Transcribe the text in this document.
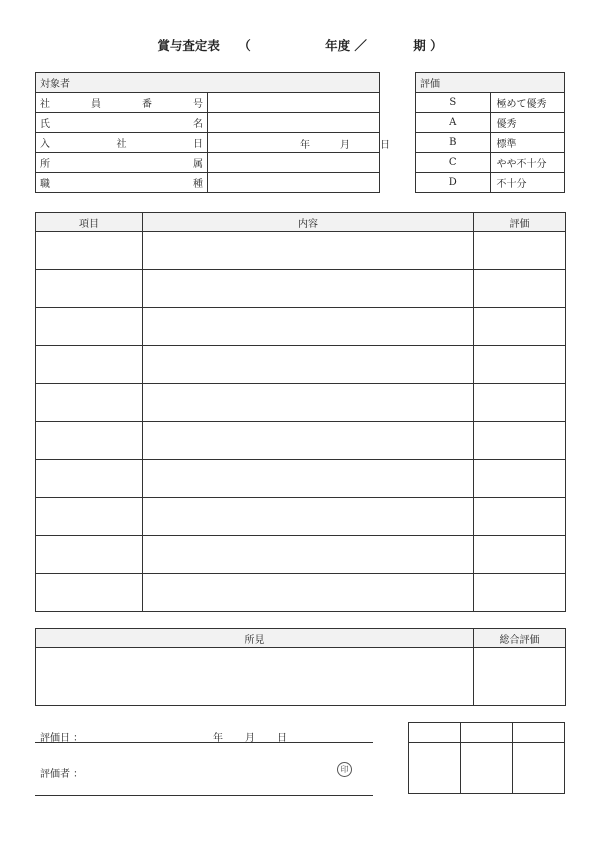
賞与査定表 （	年度 ／	期 ）
対象者	

社 員 番 号	

氏 名	

入 社 日	年 月 日

所 属	

職 種	

評価	
S	極めて優秀
A	優秀
B	標準
C	やや不十分
D	不十分
項目	内容	評価

所見	総合評価

評価日 ：	年 月 日
評価者 ：	印
